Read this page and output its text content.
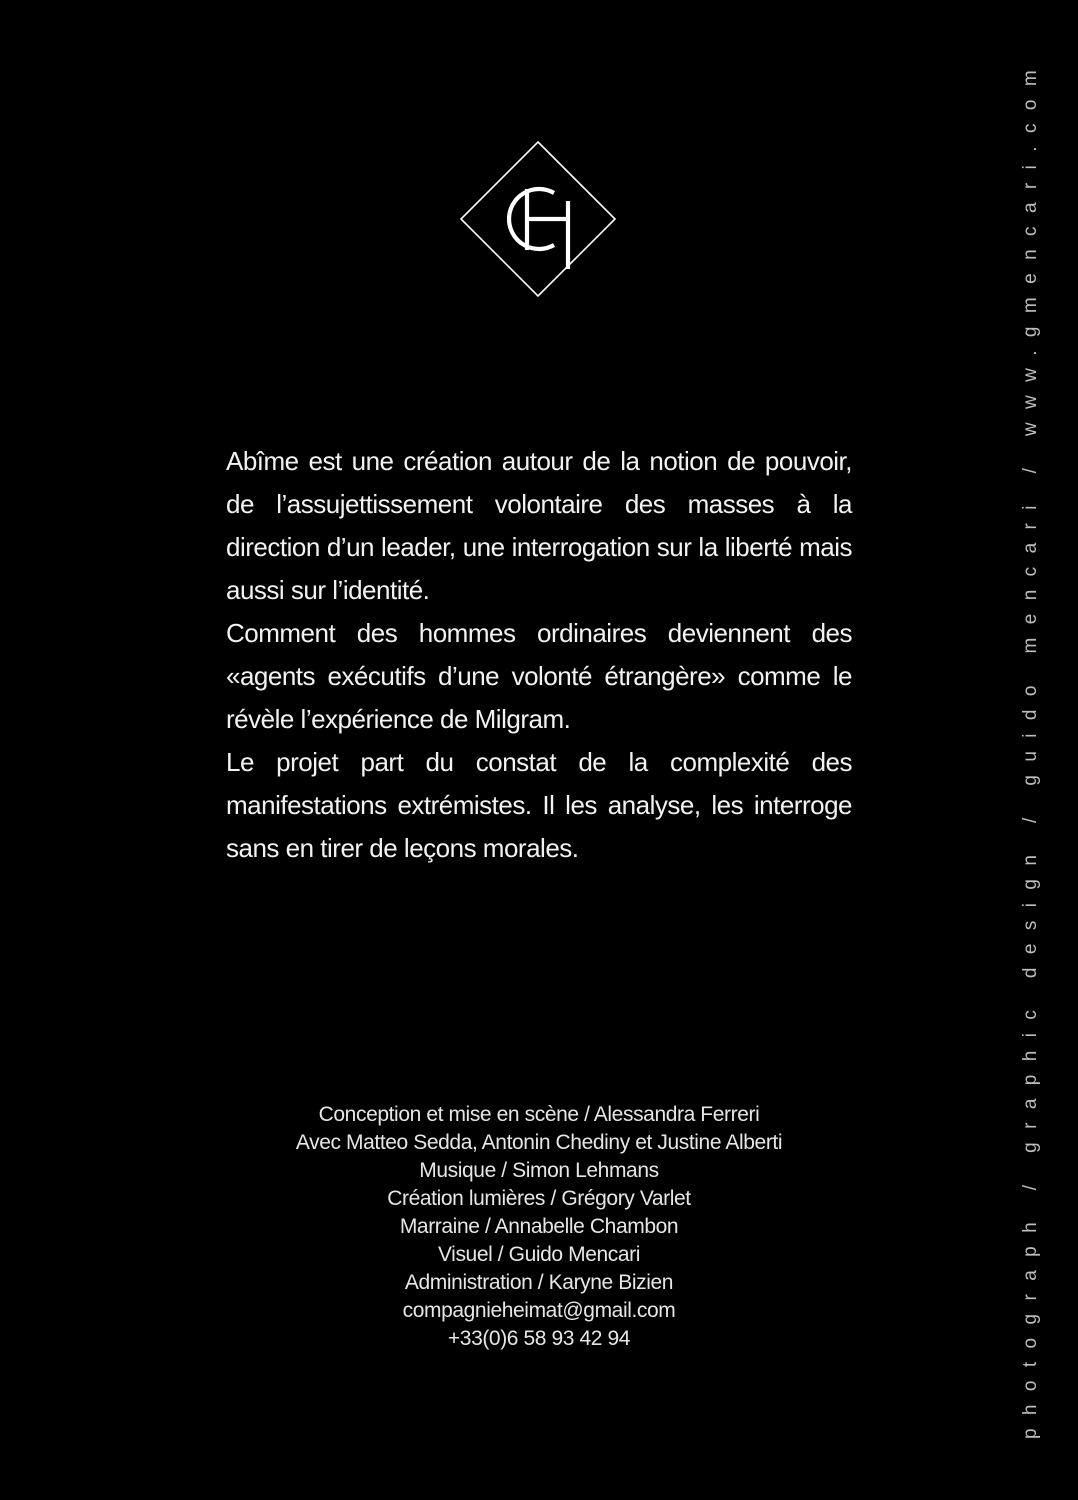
CH

Abîme est une création autour de la notion de pouvoir, de l’assujettissement volontaire des masses à la direction d’un leader, une interrogation sur la liberté mais aussi sur l’identité.

Comment des hommes ordinaires deviennent des «agents exécutifs d’une volonté étrangère» comme le révèle l’expérience de Milgram.

Le projet part du constat de la complexité des manifestations extrémistes. Il les analyse, les interroge sans en tirer de leçons morales.

Conception et mise en scène / Alessandra Ferreri
Avec Matteo Sedda, Antonin Chediny et Justine Alberti
Musique / Simon Lehmans
Création lumières / Grégory Varlet
Marraine / Annabelle Chambon
Visuel / Guido Mencari
Administration / Karyne Bizien
compagnieheimat@gmail.com
+33(0)6 58 93 42 94	photograph / graphic design / guido mencari / www.gmencari.com
